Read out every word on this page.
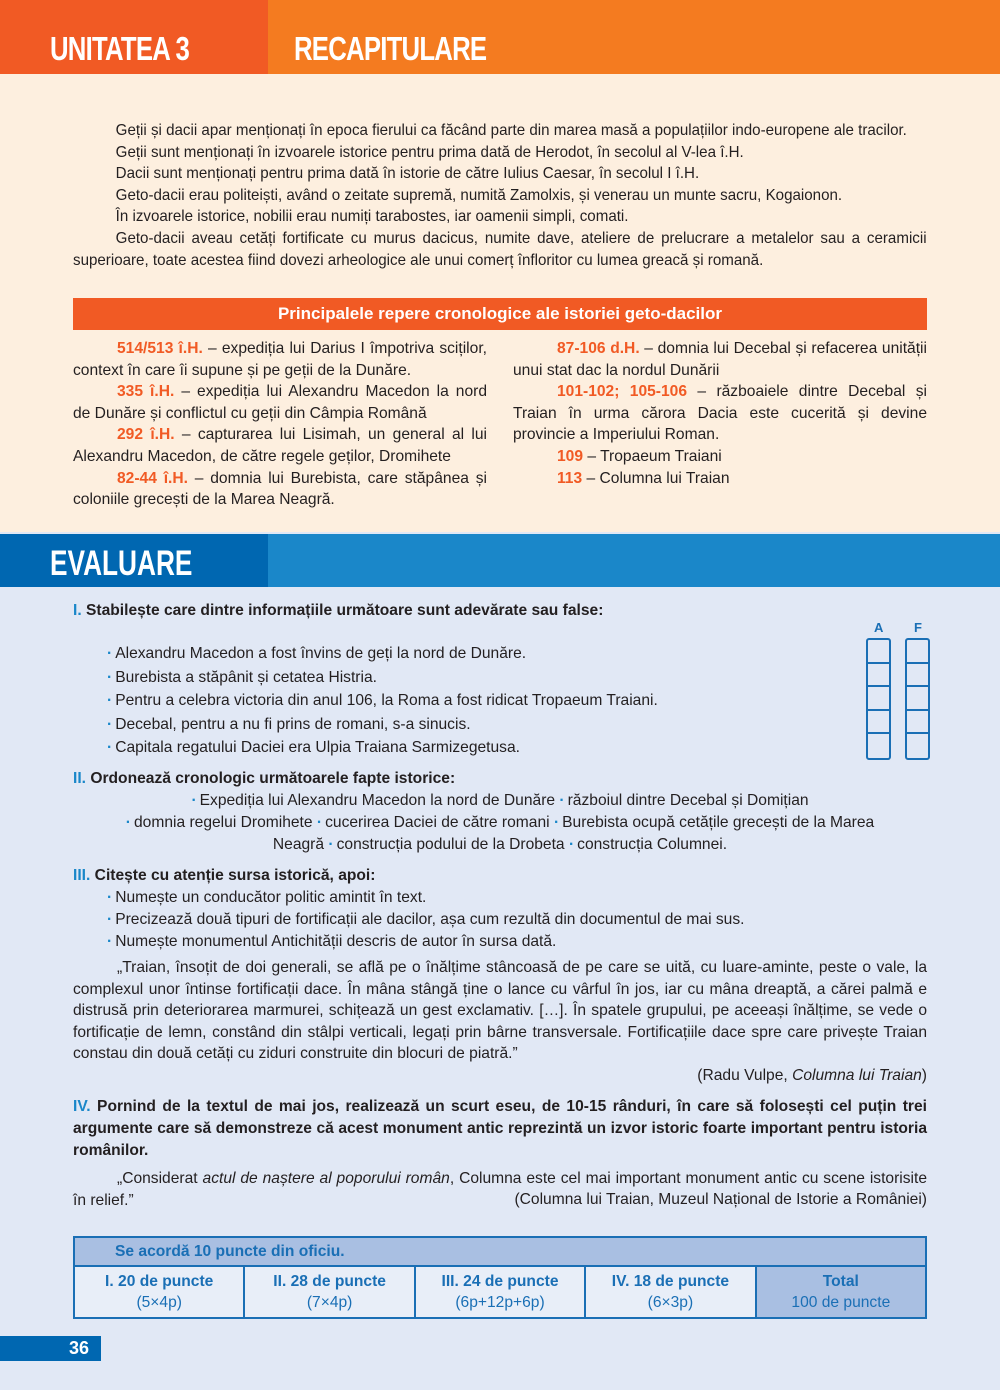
UNITATEA 3	RECAPITULARE

Geții și dacii apar menționați în epoca fierului ca făcând parte din marea masă a populațiilor indo-europene ale tracilor.

Geții sunt menționați în izvoarele istorice pentru prima dată de Herodot, în secolul al V-lea î.H.

Dacii sunt menționați pentru prima dată în istorie de către Iulius Caesar, în secolul I î.H.

Geto-dacii erau politeiști, având o zeitate supremă, numită Zamolxis, și venerau un munte sacru, Kogaionon.

În izvoarele istorice, nobilii erau numiți tarabostes, iar oamenii simpli, comati.

Geto-dacii aveau cetăți fortificate cu murus dacicus, numite dave, ateliere de prelucrare a metalelor sau a ceramicii superioare, toate acestea fiind dovezi arheologice ale unui comerț înfloritor cu lumea greacă și romană.

Principalele repere cronologice ale istoriei geto-dacilor

514/513 î.H. – expediția lui Darius I împotriva sciților, context în care îi supune și pe geții de la Dunăre.

335 î.H. – expediția lui Alexandru Macedon la nord de Dunăre și conflictul cu geții din Câmpia Română

292 î.H. – capturarea lui Lisimah, un general al lui Alexandru Macedon, de către regele geților, Dromihete

82-44 î.H. – domnia lui Burebista, care stăpânea și coloniile grecești de la Marea Neagră.

87-106 d.H. – domnia lui Decebal și refacerea unității unui stat dac la nordul Dunării

101-102; 105-106 – războaiele dintre Decebal și Traian în urma cărora Dacia este cucerită și devine provincie a Imperiului Roman.

109 – Tropaeum Traiani

113 – Columna lui Traian

EVALUARE

I. Stabilește care dintre informațiile următoare sunt adevărate sau false:

· Alexandru Macedon a fost învins de geți la nord de Dunăre.

· Burebista a stăpânit și cetatea Histria.

· Pentru a celebra victoria din anul 106, la Roma a fost ridicat Tropaeum Traiani.

· Decebal, pentru a nu fi prins de romani, s-a sinucis.

· Capitala regatului Daciei era Ulpia Traiana Sarmizegetusa.

A F

II. Ordonează cronologic următoarele fapte istorice:

· Expediția lui Alexandru Macedon la nord de Dunăre · războiul dintre Decebal și Domițian
· domnia regelui Dromihete · cucerirea Daciei de către romani · Burebista ocupă cetățile grecești de la Marea Neagră · construcția podului de la Drobeta · construcția Columnei.

III. Citește cu atenție sursa istorică, apoi:

· Numește un conducător politic amintit în text.

· Precizează două tipuri de fortificații ale dacilor, așa cum rezultă din documentul de mai sus.

· Numește monumentul Antichității descris de autor în sursa dată.

„Traian, însoțit de doi generali, se află pe o înălțime stâncoasă de pe care se uită, cu luare-aminte, peste o vale, la complexul unor întinse fortificații dace. În mâna stângă ține o lance cu vârful în jos, iar cu mâna dreaptă, a cărei palmă e distrusă prin deteriorarea marmurei, schițează un gest exclamativ. […]. În spatele grupului, pe aceeași înălțime, se vede o fortificație de lemn, constând din stâlpi verticali, legați prin bârne transversale. Fortificațiile dace spre care privește Traian constau din două cetăți cu ziduri construite din blocuri de piatră.”

(Radu Vulpe, Columna lui Traian)

IV. Pornind de la textul de mai jos, realizează un scurt eseu, de 10-15 rânduri, în care să folosești cel puțin trei argumente care să demonstreze că acest monument antic reprezintă un izvor istoric foarte important pentru istoria românilor.

„Considerat actul de naștere al poporului român, Columna este cel mai important monument antic cu scene istorisite în relief.”	(Columna lui Traian, Muzeul Național de Istorie a României)

Se acordă 10 puncte din oficiu.
I. 20 de puncte
(5×4p)
II. 28 de puncte
(7×4p)
III. 24 de puncte
(6p+12p+6p)
IV. 18 de puncte
(6×3p)
Total
100 de puncte
36
